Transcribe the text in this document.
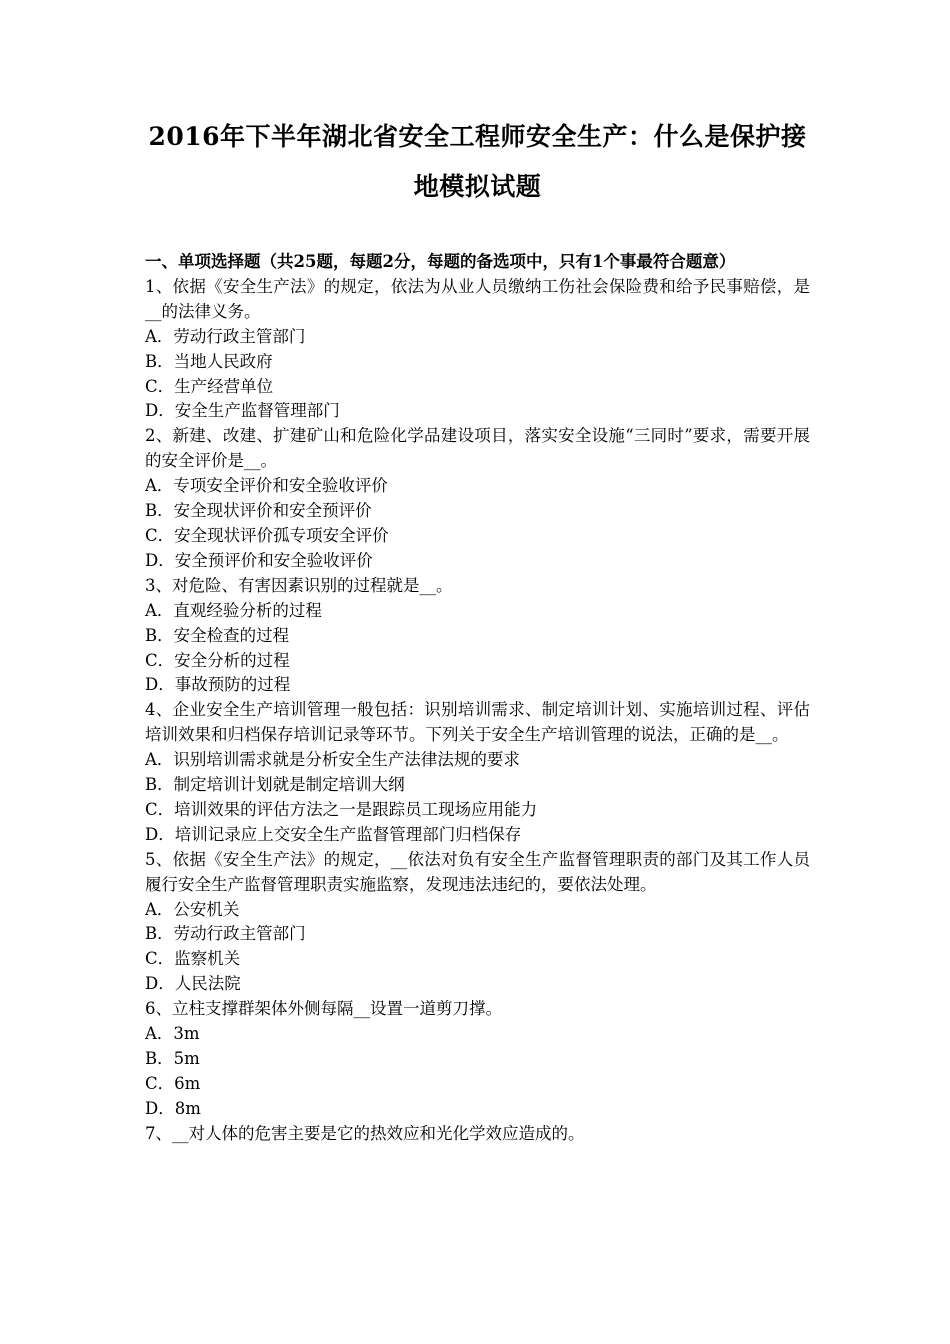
2016年下半年湖北省安全工程师安全生产：什么是保护接
地模拟试题
一、单项选择题（共25题，每题2分，每题的备选项中，只有1个事最符合题意）
1、依据《安全生产法》的规定，依法为从业人员缴纳工伤社会保险费和给予民事赔偿，是__的法律义务。
A．劳动行政主管部门
B．当地人民政府
C．生产经营单位
D．安全生产监督管理部门
2、新建、改建、扩建矿山和危险化学品建设项目，落实安全设施“三同时”要求，需要开展的安全评价是__。
A．专项安全评价和安全验收评价
B．安全现状评价和安全预评价
C．安全现状评价孤专项安全评价
D．安全预评价和安全验收评价
3、对危险、有害因素识别的过程就是__。
A．直观经验分析的过程
B．安全检查的过程
C．安全分析的过程
D．事故预防的过程
4、企业安全生产培训管理一般包括：识别培训需求、制定培训计划、实施培训过程、评估培训效果和归档保存培训记录等环节。下列关于安全生产培训管理的说法，正确的是__。
A．识别培训需求就是分析安全生产法律法规的要求
B．制定培训计划就是制定培训大纲
C．培训效果的评估方法之一是跟踪员工现场应用能力
D．培训记录应上交安全生产监督管理部门归档保存
5、依据《安全生产法》的规定，__依法对负有安全生产监督管理职责的部门及其工作人员履行安全生产监督管理职责实施监察，发现违法违纪的，要依法处理。
A．公安机关
B．劳动行政主管部门
C．监察机关
D．人民法院
6、立柱支撑群架体外侧每隔__设置一道剪刀撑。
A．3m
B．5m
C．6m
D．8m
7、__对人体的危害主要是它的热效应和光化学效应造成的。
